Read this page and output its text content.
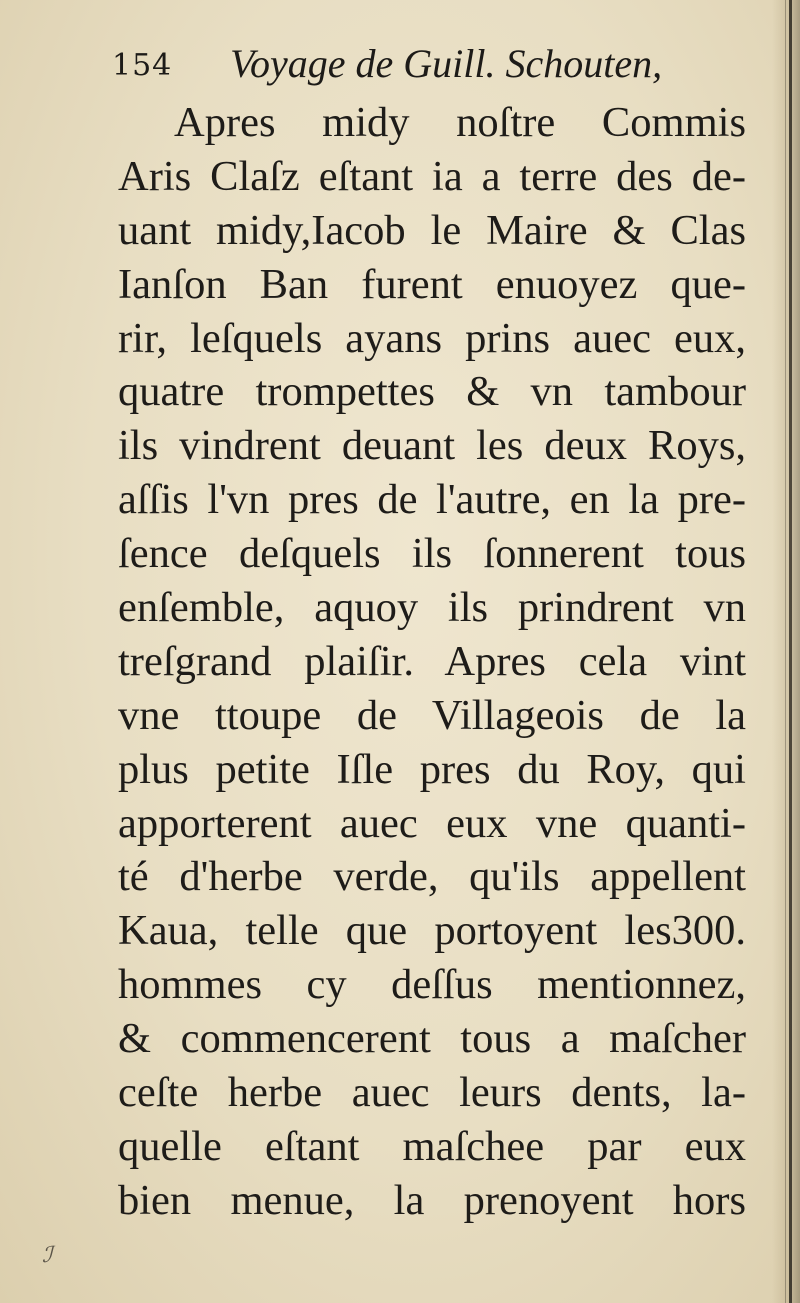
154 Voyage de Guill. Schouten,
Apres midy noſtre Commis
Aris Claſz eſtant ia a terre des de-
uant midy,Iacob le Maire & Clas
Ianſon Ban furent enuoyez que-
rir, leſquels ayans prins auec eux,
quatre trompettes & vn tambour
ils vindrent deuant les deux Roys,
aſſis l'vn pres de l'autre, en la pre-
ſence deſquels ils ſonnerent tous
enſemble, aquoy ils prindrent vn
treſgrand plaiſir. Apres cela vint
vne ttoupe de Villageois de la
plus petite Iſle pres du Roy, qui
apporterent auec eux vne quanti-
té d'herbe verde, qu'ils appellent
Kaua, telle que portoyent les300.
hommes cy deſſus mentionnez,
& commencerent tous a maſcher
ceſte herbe auec leurs dents, la-
quelle eſtant maſchee par eux
bien menue, la prenoyent hors
ℐ
